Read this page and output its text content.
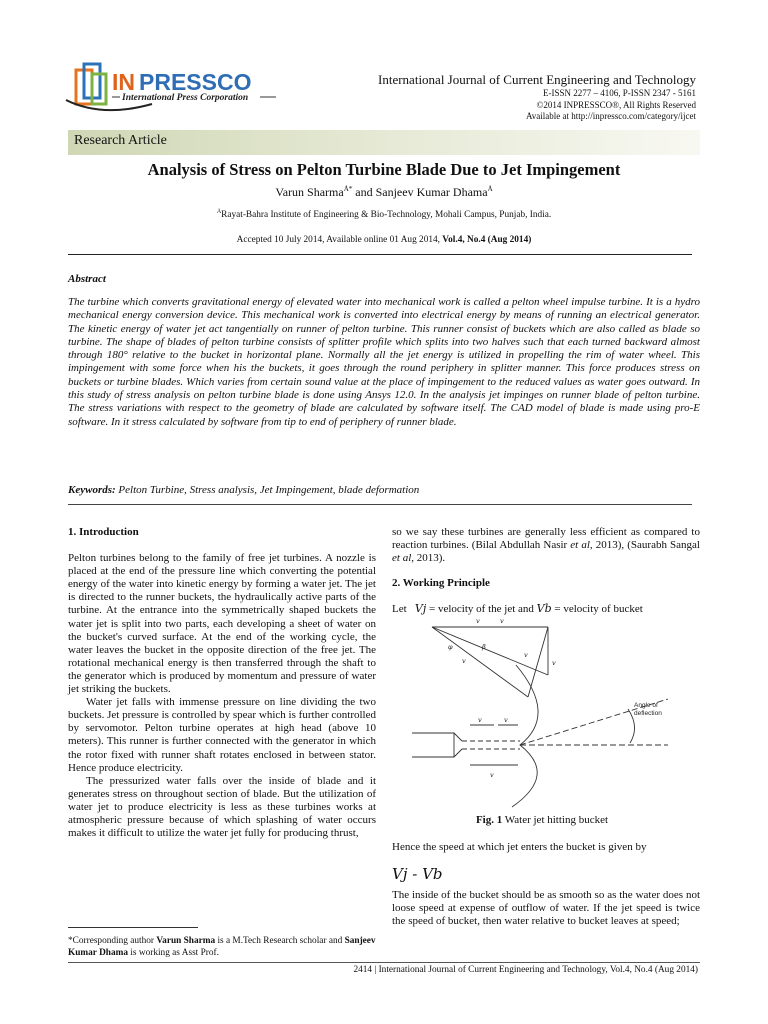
IN PRESSCO
International Press Corporation
International Journal of Current Engineering and Technology
E-ISSN 2277 – 4106, P-ISSN 2347 - 5161
©2014 INPRESSCO®, All Rights Reserved
Available at http://inpressco.com/category/ijcet
Research Article
Analysis of Stress on Pelton Turbine Blade Due to Jet Impingement
Varun Sharma$^{Ȧ*}$ and Sanjeev Kumar Dhama$^Ȧ$
$^Ȧ$Rayat-Bahra Institute of Engineering & Bio-Technology, Mohali Campus, Punjab, India.
Accepted 10 July 2014, Available online 01 Aug 2014, Vol.4, No.4 (Aug 2014)
Abstract
The turbine which converts gravitational energy of elevated water into mechanical work is called a pelton wheel impulse turbine. It is a hydro mechanical energy conversion device. This mechanical work is converted into electrical energy by means of running an electrical generator. The kinetic energy of water jet act tangentially on runner of pelton turbine. This runner consist of buckets which are also called as blade so turbine. The shape of blades of pelton turbine consists of splitter profile which splits into two halves such that each turned backward almost through 180° relative to the bucket in horizontal plane. Normally all the jet energy is utilized in propelling the rim of water wheel. This impingement with some force when his the buckets, it goes through the round periphery in splitter manner. This force produces stress on buckets or turbine blades. Which varies from certain sound value at the place of impingement to the reduced values as water goes outward. In this study of stress analysis on pelton turbine blade is done using Ansys 12.0. In the analysis jet impinges on runner blade of pelton turbine. The stress variations with respect to the geometry of blade are calculated by software itself. The CAD model of blade is made using pro-E software. In it stress calculated by software from tip to end of periphery of runner blade.
Keywords: Pelton Turbine, Stress analysis, Jet Impingement, blade deformation

1. Introduction

Pelton turbines belong to the family of free jet turbines. A nozzle is placed at the end of the pressure line which converting the potential energy of the water into kinetic energy by forming a water jet. The jet is directed to the runner buckets, the hydraulically active parts of the turbine. At the entrance into the symmetrically shaped buckets the water jet is split into two parts, each developing a sheet of water on the bucket's curved surface. At the end of the working cycle, the water leaves the bucket in the opposite direction of the free jet. The rotational mechanical energy is then transferred through the shaft to the generator which is produced by momentum and pressure of water jet striking the buckets.

Water jet falls with immense pressure on line dividing the two buckets. Jet pressure is controlled by spear which is further controlled by servomotor. Pelton turbine operates at high head (above 10 meters). This runner is further connected with the generator in which the rotor fixed with runner shaft rotates enclosed in between stator. Hence produce electricity.

The pressurized water falls over the inside of blade and it generates stress on throughout section of blade. But the utilization of water jet to produce electricity is less as these turbines works at atmospheric pressure because of which splashing of water occurs makes it difficult to utilize the water jet fully for producing thrust,

so we say these turbines are generally less efficient as compared to reaction turbines. (Bilal Abdullah Nasir et al, 2013), (Saurabh Sangal et al, 2013).

2. Working Principle

Let Vj = velocity of the jet and Vb = velocity of bucket

v	v
φ	β
v
v
v
v	v
v
Angle of
deflection
Fig. 1 Water jet hitting bucket

Hence the speed at which jet enters the bucket is given by

Vj - Vb

The inside of the bucket should be as smooth so as the water does not loose speed at expense of outflow of water. If the jet speed is twice the speed of bucket, then water relative to bucket leaves at speed;

*Corresponding author Varun Sharma is a M.Tech Research scholar and Sanjeev Kumar Dhama is working as Asst Prof.
2414 | International Journal of Current Engineering and Technology, Vol.4, No.4 (Aug 2014)
